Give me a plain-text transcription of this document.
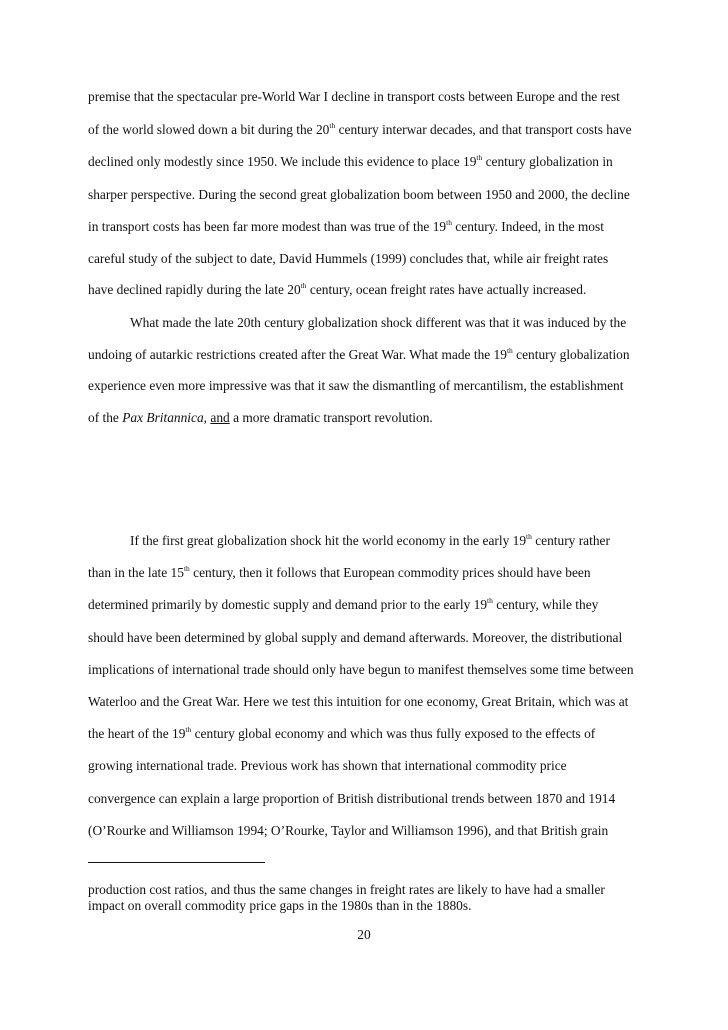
premise that the spectacular pre-World War I decline in transport costs between Europe and the rest
of the world slowed down a bit during the 20th century interwar decades, and that transport costs have
declined only modestly since 1950. We include this evidence to place 19th century globalization in
sharper perspective. During the second great globalization boom between 1950 and 2000, the decline
in transport costs has been far more modest than was true of the 19th century. Indeed, in the most
careful study of the subject to date, David Hummels (1999) concludes that, while air freight rates
have declined rapidly during the late 20th century, ocean freight rates have actually increased.
What made the late 20th century globalization shock different was that it was induced by the
undoing of autarkic restrictions created after the Great War. What made the 19th century globalization
experience even more impressive was that it saw the dismantling of mercantilism, the establishment
of the Pax Britannica, and a more dramatic transport revolution.
If the first great globalization shock hit the world economy in the early 19th century rather
than in the late 15th century, then it follows that European commodity prices should have been
determined primarily by domestic supply and demand prior to the early 19th century, while they
should have been determined by global supply and demand afterwards. Moreover, the distributional
implications of international trade should only have begun to manifest themselves some time between
Waterloo and the Great War. Here we test this intuition for one economy, Great Britain, which was at
the heart of the 19th century global economy and which was thus fully exposed to the effects of
growing international trade. Previous work has shown that international commodity price
convergence can explain a large proportion of British distributional trends between 1870 and 1914
(O’Rourke and Williamson 1994; O’Rourke, Taylor and Williamson 1996), and that British grain
production cost ratios, and thus the same changes in freight rates are likely to have had a smaller
impact on overall commodity price gaps in the 1980s than in the 1880s.
20
